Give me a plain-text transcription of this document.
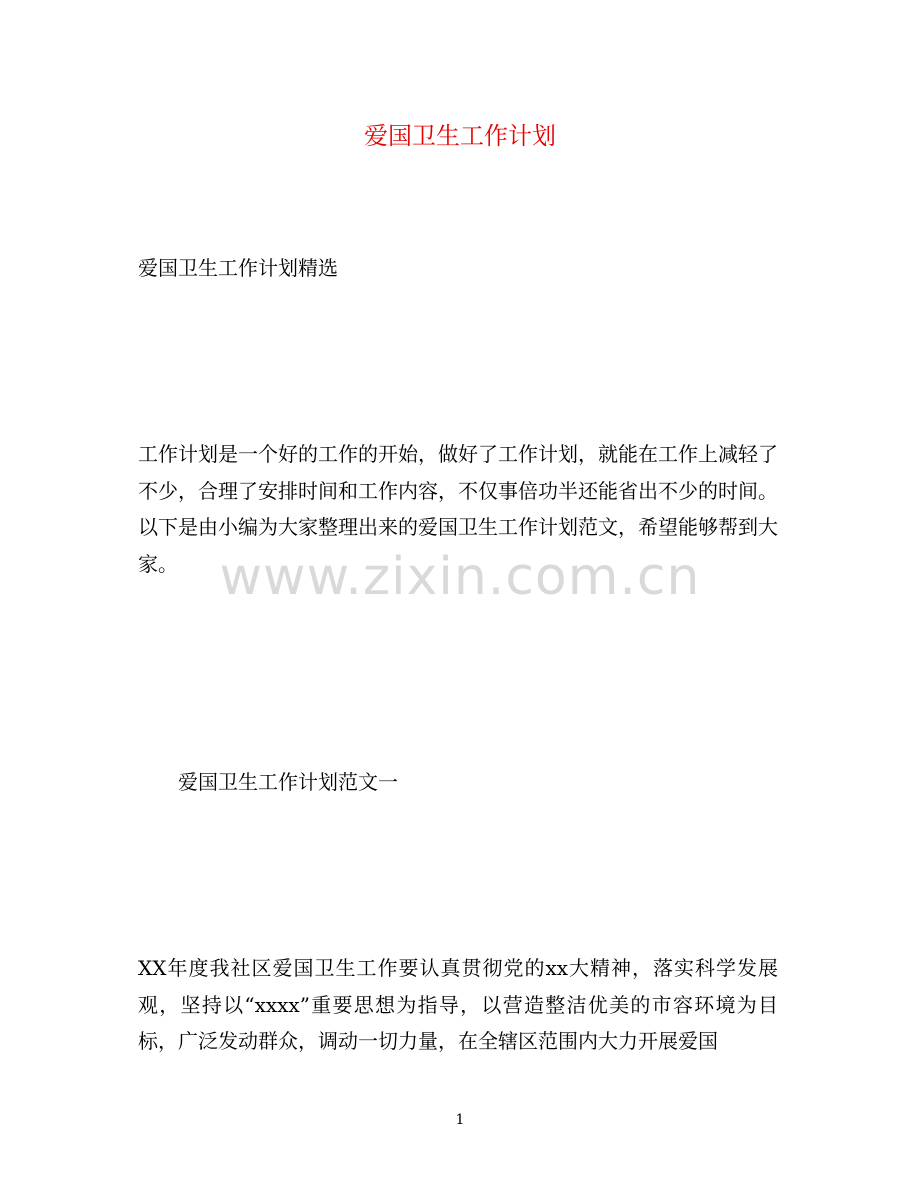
爱国卫生工作计划

爱国卫生工作计划精选

工作计划是一个好的工作的开始，做好了工作计划，就能在工作上减轻了不少，合理了安排时间和工作内容，不仅事倍功半还能省出不少的时间。以下是由小编为大家整理出来的爱国卫生工作计划范文，希望能够帮到大家。 www.zixin.com.cn
爱国卫生工作计划范文一

XX年度我社区爱国卫生工作要认真贯彻党的xx大精神，落实科学发展观，坚持以“xxxx”重要思想为指导，以营造整洁优美的市容环境为目标，广泛发动群众，调动一切力量，在全辖区范围内大力开展爱国

1
